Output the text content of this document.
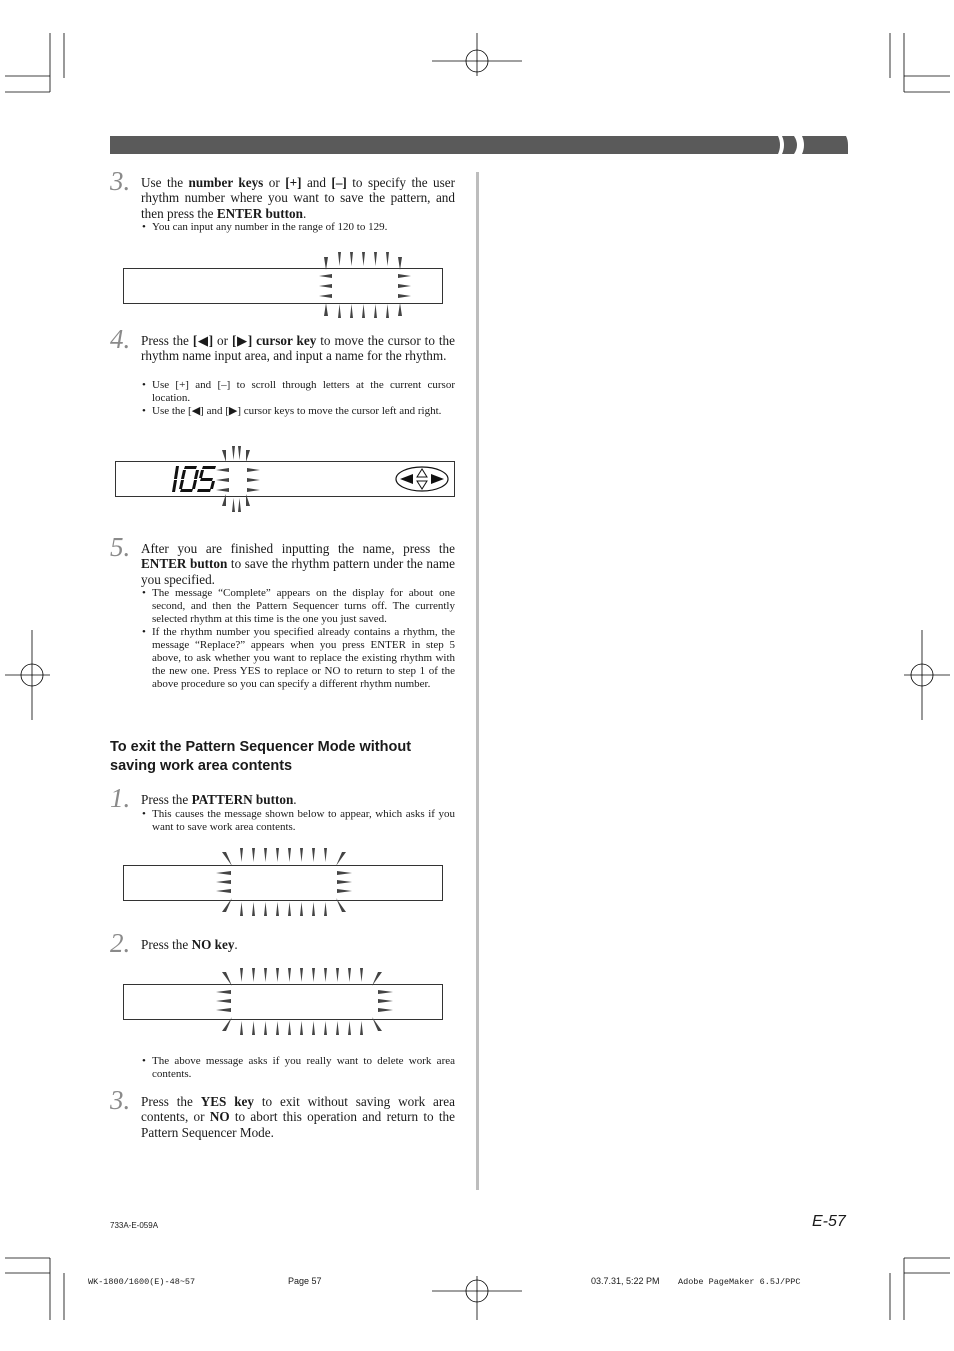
3. Use the number keys or [+] and [–] to specify the user rhythm number where you want to save the pattern, and then press the ENTER button.
• You can input any number in the range of 120 to 129.
4. Press the [◀] or [▶] cursor key to move the cursor to the rhythm name input area, and input a name for the rhythm.
• Use [+] and [–] to scroll through letters at the current cursor location.
• Use the [◀] and [▶] cursor keys to move the cursor left and right.
5. After you are finished inputting the name, press the ENTER button to save the rhythm pattern under the name you specified.
• The message “Complete” appears on the display for about one second, and then the Pattern Sequencer turns off. The currently selected rhythm at this time is the one you just saved.
• If the rhythm number you specified already contains a rhythm, the message “Replace?” appears when you press ENTER in step 5 above, to ask whether you want to replace the existing rhythm with the new one. Press YES to replace or NO to return to step 1 of the above procedure so you can specify a different rhythm number.
To exit the Pattern Sequencer Mode without saving work area contents
1. Press the PATTERN button.
• This causes the message shown below to appear, which asks if you want to save work area contents.
2. Press the NO key.
• The above message asks if you really want to delete work area contents.
3. Press the YES key to exit without saving work area contents, or NO to abort this operation and return to the Pattern Sequencer Mode.
733A-E-059A	E-57
WK-1800/1600(E)-48~57	Page 57	03.7.31, 5:22 PM Adobe PageMaker 6.5J/PPC
